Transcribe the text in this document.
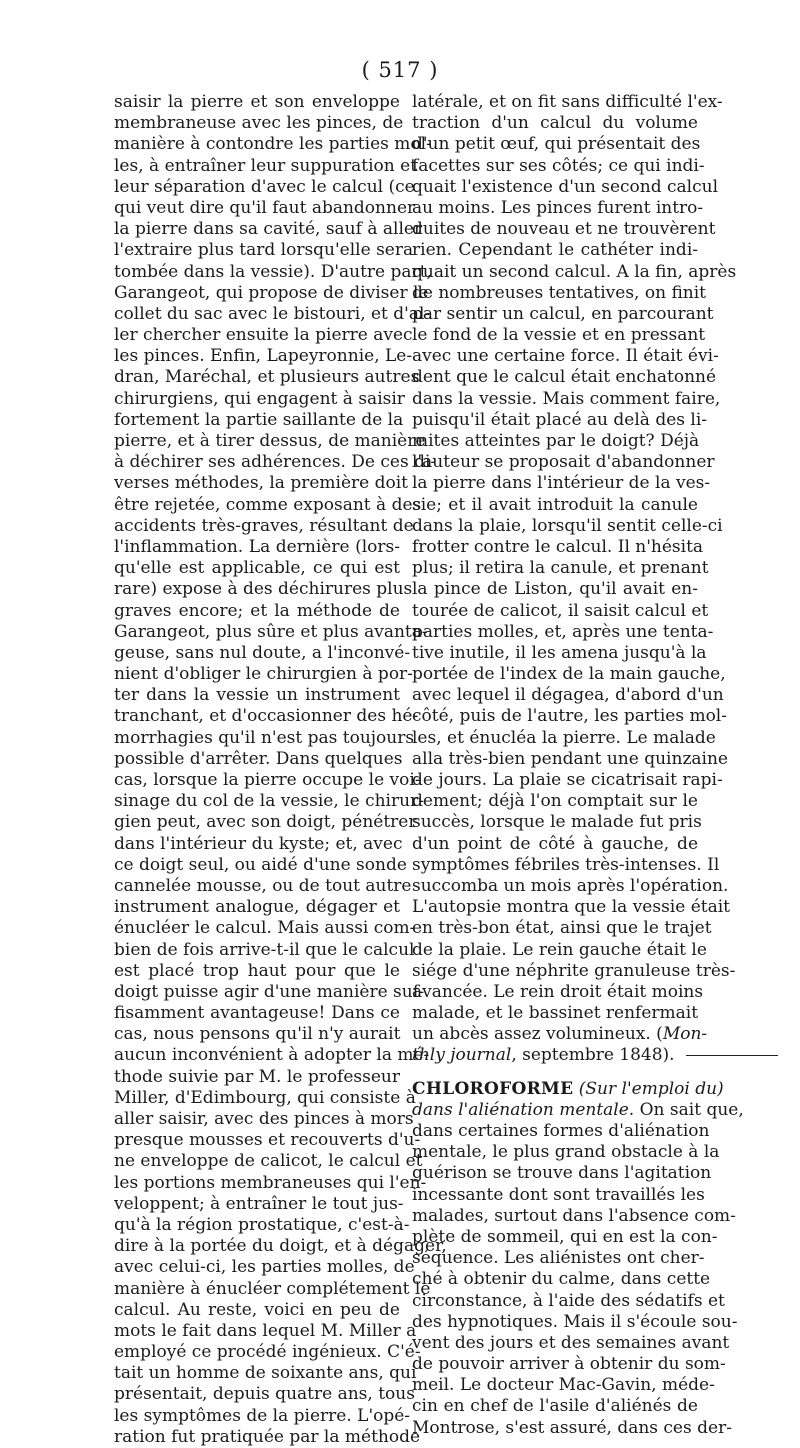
( 517 )
saisir la pierre et son enveloppe
membraneuse avec les pinces, de
manière à contondre les parties mol-
les, à entraîner leur suppuration et
leur séparation d'avec le calcul (ce
qui veut dire qu'il faut abandonner
la pierre dans sa cavité, sauf à aller
l'extraire plus tard lorsqu'elle sera
tombée dans la vessie). D'autre part,
Garangeot, qui propose de diviser le
collet du sac avec le bistouri, et d'al-
ler chercher ensuite la pierre avec
les pinces. Enfin, Lapeyronnie, Le-
dran, Maréchal, et plusieurs autres
chirurgiens, qui engagent à saisir
fortement la partie saillante de la
pierre, et à tirer dessus, de manière
à déchirer ses adhérences. De ces di-
verses méthodes, la première doit
être rejetée, comme exposant à des
accidents très-graves, résultant de
l'inflammation. La dernière (lors-
qu'elle est applicable, ce qui est
rare) expose à des déchirures plus
graves encore; et la méthode de
Garangeot, plus sûre et plus avanta-
geuse, sans nul doute, a l'inconvé-
nient d'obliger le chirurgien à por-
ter dans la vessie un instrument
tranchant, et d'occasionner des hé-
morrhagies qu'il n'est pas toujours
possible d'arrêter. Dans quelques
cas, lorsque la pierre occupe le voi-
sinage du col de la vessie, le chirur-
gien peut, avec son doigt, pénétrer
dans l'intérieur du kyste; et, avec
ce doigt seul, ou aidé d'une sonde
cannelée mousse, ou de tout autre
instrument analogue, dégager et
énucléer le calcul. Mais aussi com-
bien de fois arrive-t-il que le calcul
est placé trop haut pour que le
doigt puisse agir d'une manière suf-
fisamment avantageuse! Dans ce
cas, nous pensons qu'il n'y aurait
aucun inconvénient à adopter la mé-
thode suivie par M. le professeur
Miller, d'Edimbourg, qui consiste à
aller saisir, avec des pinces à mors
presque mousses et recouverts d'u-
ne enveloppe de calicot, le calcul et
les portions membraneuses qui l'en-
veloppent; à entraîner le tout jus-
qu'à la région prostatique, c'est-à-
dire à la portée du doigt, et à dégager,
avec celui-ci, les parties molles, de
manière à énucléer complétement le
calcul. Au reste, voici en peu de
mots le fait dans lequel M. Miller a
employé ce procédé ingénieux. C'é-
tait un homme de soixante ans, qui
présentait, depuis quatre ans, tous
les symptômes de la pierre. L'opé-
ration fut pratiquée par la méthode
latérale, et on fit sans difficulté l'ex-
traction d'un calcul du volume
d'un petit œuf, qui présentait des
facettes sur ses côtés; ce qui indi-
quait l'existence d'un second calcul
au moins. Les pinces furent intro-
duites de nouveau et ne trouvèrent
rien. Cependant le cathéter indi-
quait un second calcul. A la fin, après
de nombreuses tentatives, on finit
par sentir un calcul, en parcourant
le fond de la vessie et en pressant
avec une certaine force. Il était évi-
dent que le calcul était enchatonné
dans la vessie. Mais comment faire,
puisqu'il était placé au delà des li-
mites atteintes par le doigt? Déjà
l'auteur se proposait d'abandonner
la pierre dans l'intérieur de la ves-
sie; et il avait introduit la canule
dans la plaie, lorsqu'il sentit celle-ci
frotter contre le calcul. Il n'hésita
plus; il retira la canule, et prenant
la pince de Liston, qu'il avait en-
tourée de calicot, il saisit calcul et
parties molles, et, après une tenta-
tive inutile, il les amena jusqu'à la
portée de l'index de la main gauche,
avec lequel il dégagea, d'abord d'un
côté, puis de l'autre, les parties mol-
les, et énucléa la pierre. Le malade
alla très-bien pendant une quinzaine
de jours. La plaie se cicatrisait rapi-
dement; déjà l'on comptait sur le
succès, lorsque le malade fut pris
d'un point de côté à gauche, de
symptômes fébriles très-intenses. Il
succomba un mois après l'opération.
L'autopsie montra que la vessie était
en très-bon état, ainsi que le trajet
de la plaie. Le rein gauche était le
siége d'une néphrite granuleuse très-
avancée. Le rein droit était moins
malade, et le bassinet renfermait
un abcès assez volumineux. (Mon-
thly journal, septembre 1848).
CHLOROFORME (Sur l'emploi du)
dans l'aliénation mentale. On sait que,
dans certaines formes d'aliénation
mentale, le plus grand obstacle à la
guérison se trouve dans l'agitation
incessante dont sont travaillés les
malades, surtout dans l'absence com-
plète de sommeil, qui en est la con-
séquence. Les aliénistes ont cher-
ché à obtenir du calme, dans cette
circonstance, à l'aide des sédatifs et
des hypnotiques. Mais il s'écoule sou-
vent des jours et des semaines avant
de pouvoir arriver à obtenir du som-
meil. Le docteur Mac-Gavin, méde-
cin en chef de l'asile d'aliénés de
Montrose, s'est assuré, dans ces der-
